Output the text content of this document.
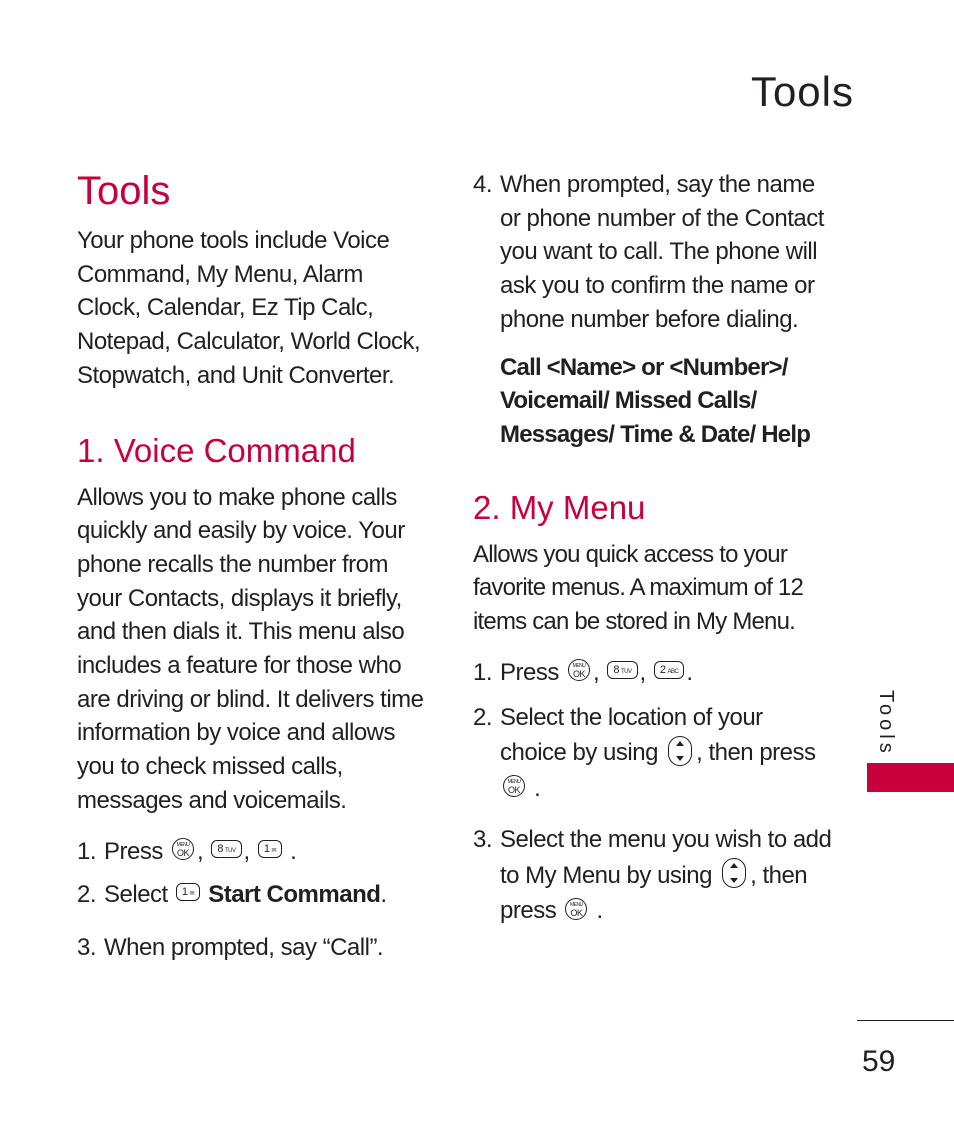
Tools
Tools

Your phone tools include Voice Command, My Menu, Alarm Clock, Calendar, Ez Tip Calc, Notepad, Calculator, World Clock, Stopwatch, and Unit Converter.

1. Voice Command

Allows you to make phone calls quickly and easily by voice. Your phone recalls the number from your Contacts, displays it briefly, and then dials it. This menu also includes a feature for those who are driving or blind. It delivers time information by voice and allows you to check missed calls, messages and voicemails.

1. Press	MENU
OK , 8 TUV , 1 ✉ .
2. Select 1 ✉ Start Command.
3. When prompted, say “Call”.
4. When prompted, say the name or phone number of the Contact you want to call. The phone will ask you to confirm the name or phone number before dialing.

Call <Name> or <Number>/ Voicemail/ Missed Calls/ Messages/ Time & Date/ Help

2. My Menu

Allows you quick access to your favorite menus. A maximum of 12 items can be stored in My Menu.

1. Press	MENU
OK , 8 TUV , 2 ABC .
2. Select the location of your choice by using , then press MENU
OK .
3. Select the menu you wish to add to My Menu by using , then press	MENU
OK .
Tools
59
